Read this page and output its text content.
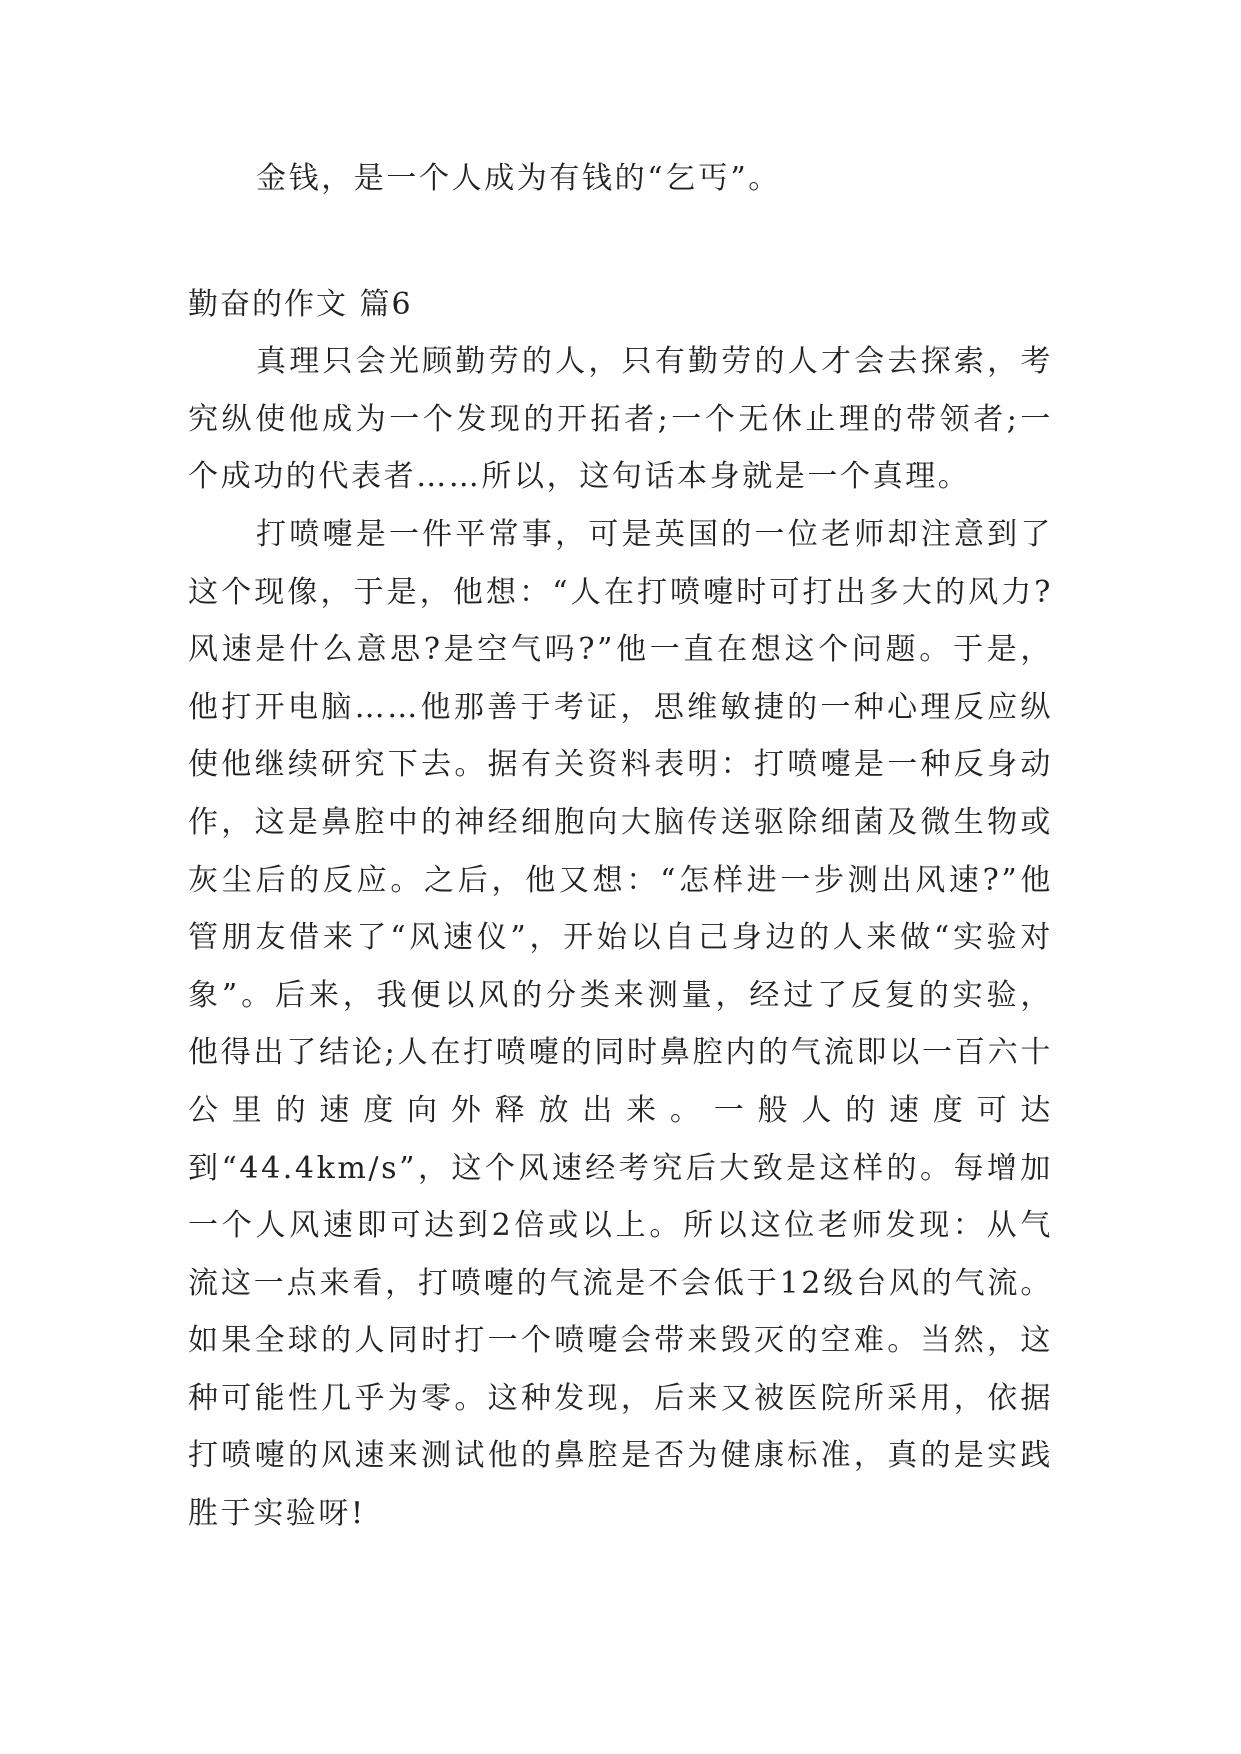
金钱，是一个人成为有钱的“乞丐”。

勤奋的作文 篇6

真理只会光顾勤劳的人，只有勤劳的人才会去探索，考究纵使他成为一个发现的开拓者;一个无休止理的带领者;一个成功的代表者……所以，这句话本身就是一个真理。

打喷嚏是一件平常事，可是英国的一位老师却注意到了这个现像，于是，他想：“人在打喷嚏时可打出多大的风力?风速是什么意思?是空气吗?”他一直在想这个问题。于是，他打开电脑……他那善于考证，思维敏捷的一种心理反应纵使他继续研究下去。据有关资料表明：打喷嚏是一种反身动作，这是鼻腔中的神经细胞向大脑传送驱除细菌及微生物或灰尘后的反应。之后，他又想：“怎样进一步测出风速?”他管朋友借来了“风速仪”，开始以自己身边的人来做“实验对象”。后来，我便以风的分类来测量，经过了反复的实验，他得出了结论;人在打喷嚏的同时鼻腔内的气流即以一百六十公里的速度向外释放出来。一般人的速度可达到“44.4km/s”，这个风速经考究后大致是这样的。每增加一个人风速即可达到2倍或以上。所以这位老师发现：从气流这一点来看，打喷嚏的气流是不会低于12级台风的气流。如果全球的人同时打一个喷嚏会带来毁灭的空难。当然，这种可能性几乎为零。这种发现，后来又被医院所采用，依据打喷嚏的风速来测试他的鼻腔是否为健康标准，真的是实践胜于实验呀!
